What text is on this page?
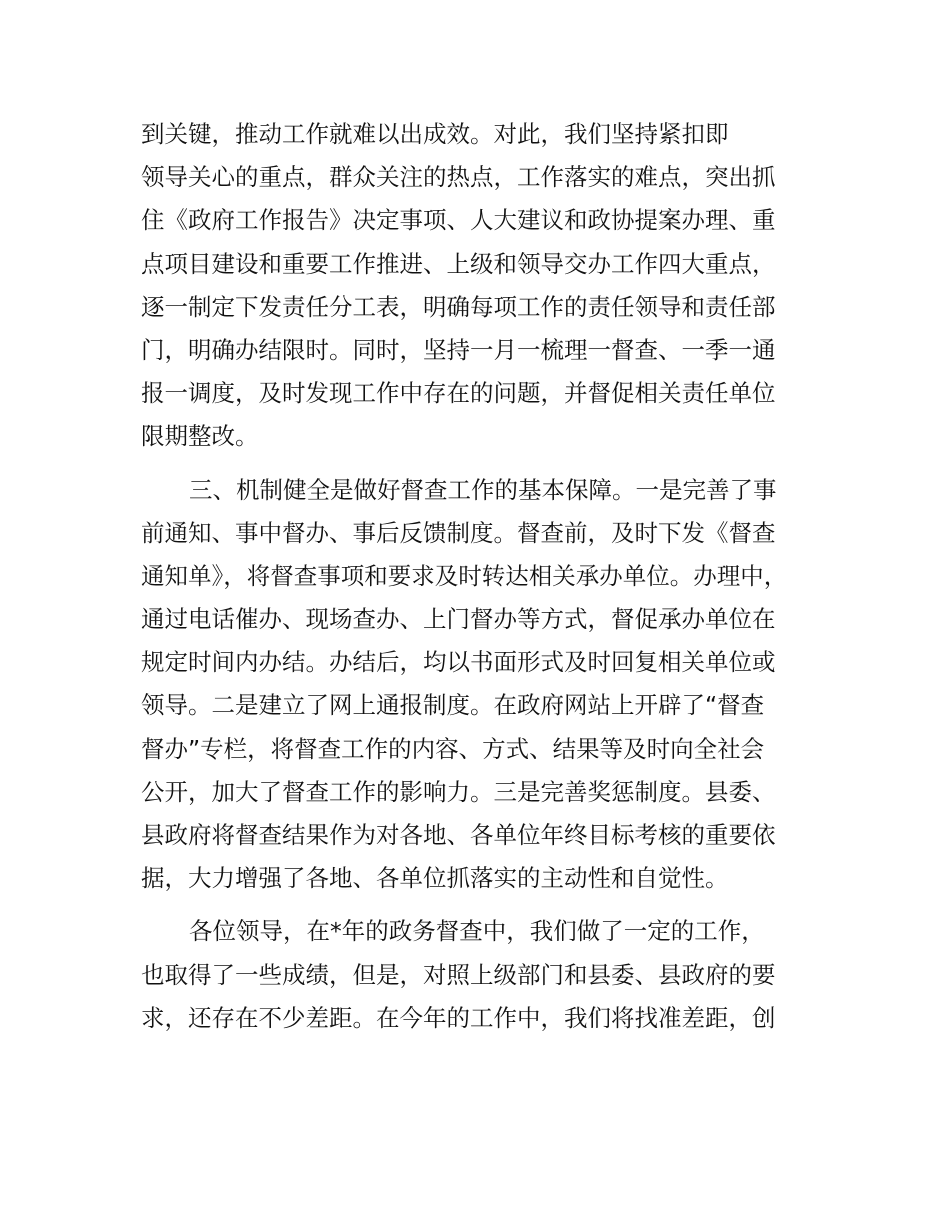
到关键，推动工作就难以出成效。对此，我们坚持紧扣即
领导关心的重点，群众关注的热点，工作落实的难点，突出抓
住《政府工作报告》决定事项、人大建议和政协提案办理、重
点项目建设和重要工作推进、上级和领导交办工作四大重点，
逐一制定下发责任分工表，明确每项工作的责任领导和责任部
门，明确办结限时。同时，坚持一月一梳理一督查、一季一通
报一调度，及时发现工作中存在的问题，并督促相关责任单位
限期整改。
三、机制健全是做好督查工作的基本保障。一是完善了事
前通知、事中督办、事后反馈制度。督查前，及时下发《督查
通知单》，将督查事项和要求及时转达相关承办单位。办理中，
通过电话催办、现场查办、上门督办等方式，督促承办单位在
规定时间内办结。办结后，均以书面形式及时回复相关单位或
领导。二是建立了网上通报制度。在政府网站上开辟了“督查
督办”专栏，将督查工作的内容、方式、结果等及时向全社会
公开，加大了督查工作的影响力。三是完善奖惩制度。县委、
县政府将督查结果作为对各地、各单位年终目标考核的重要依
据，大力增强了各地、各单位抓落实的主动性和自觉性。
各位领导，在*年的政务督查中，我们做了一定的工作，
也取得了一些成绩，但是，对照上级部门和县委、县政府的要
求，还存在不少差距。在今年的工作中，我们将找准差距，创
